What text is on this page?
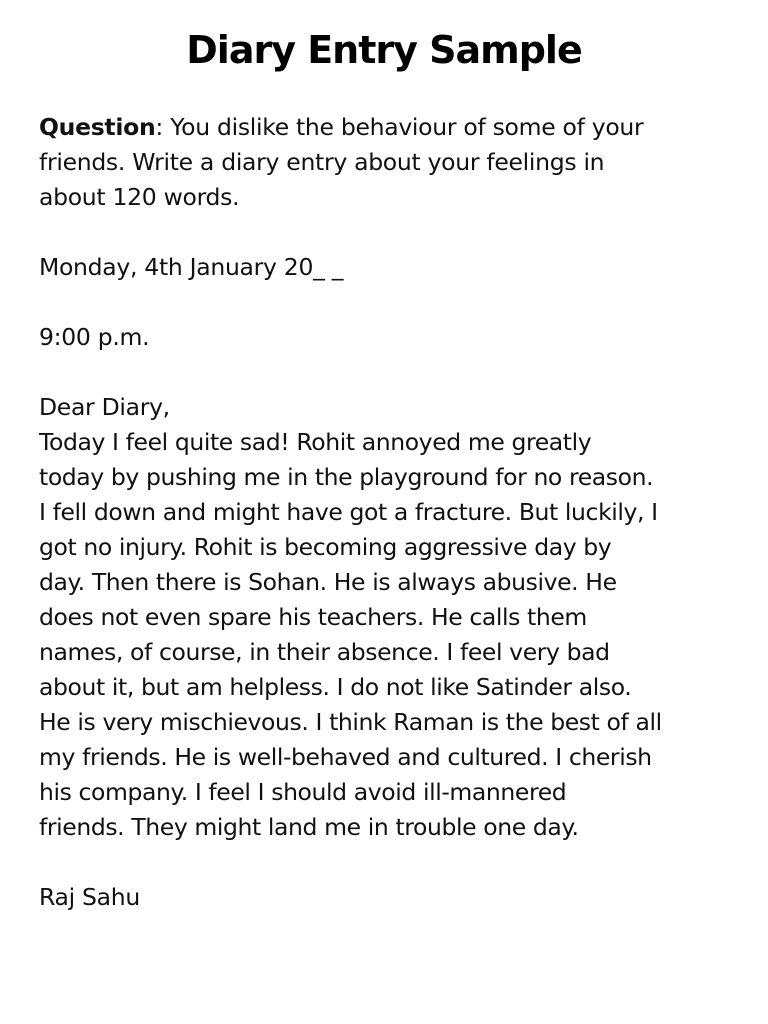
Diary Entry Sample

Question: You dislike the behaviour of some of your

friends. Write a diary entry about your feelings in

about 120 words.

Monday, 4th January 20_ _

9:00 p.m.

Dear Diary,

Today I feel quite sad! Rohit annoyed me greatly

today by pushing me in the playground for no reason.

I fell down and might have got a fracture. But luckily, I

got no injury. Rohit is becoming aggressive day by

day. Then there is Sohan. He is always abusive. He

does not even spare his teachers. He calls them

names, of course, in their absence. I feel very bad

about it, but am helpless. I do not like Satinder also.

He is very mischievous. I think Raman is the best of all

my friends. He is well-behaved and cultured. I cherish

his company. I feel I should avoid ill-mannered

friends. They might land me in trouble one day.

Raj Sahu
